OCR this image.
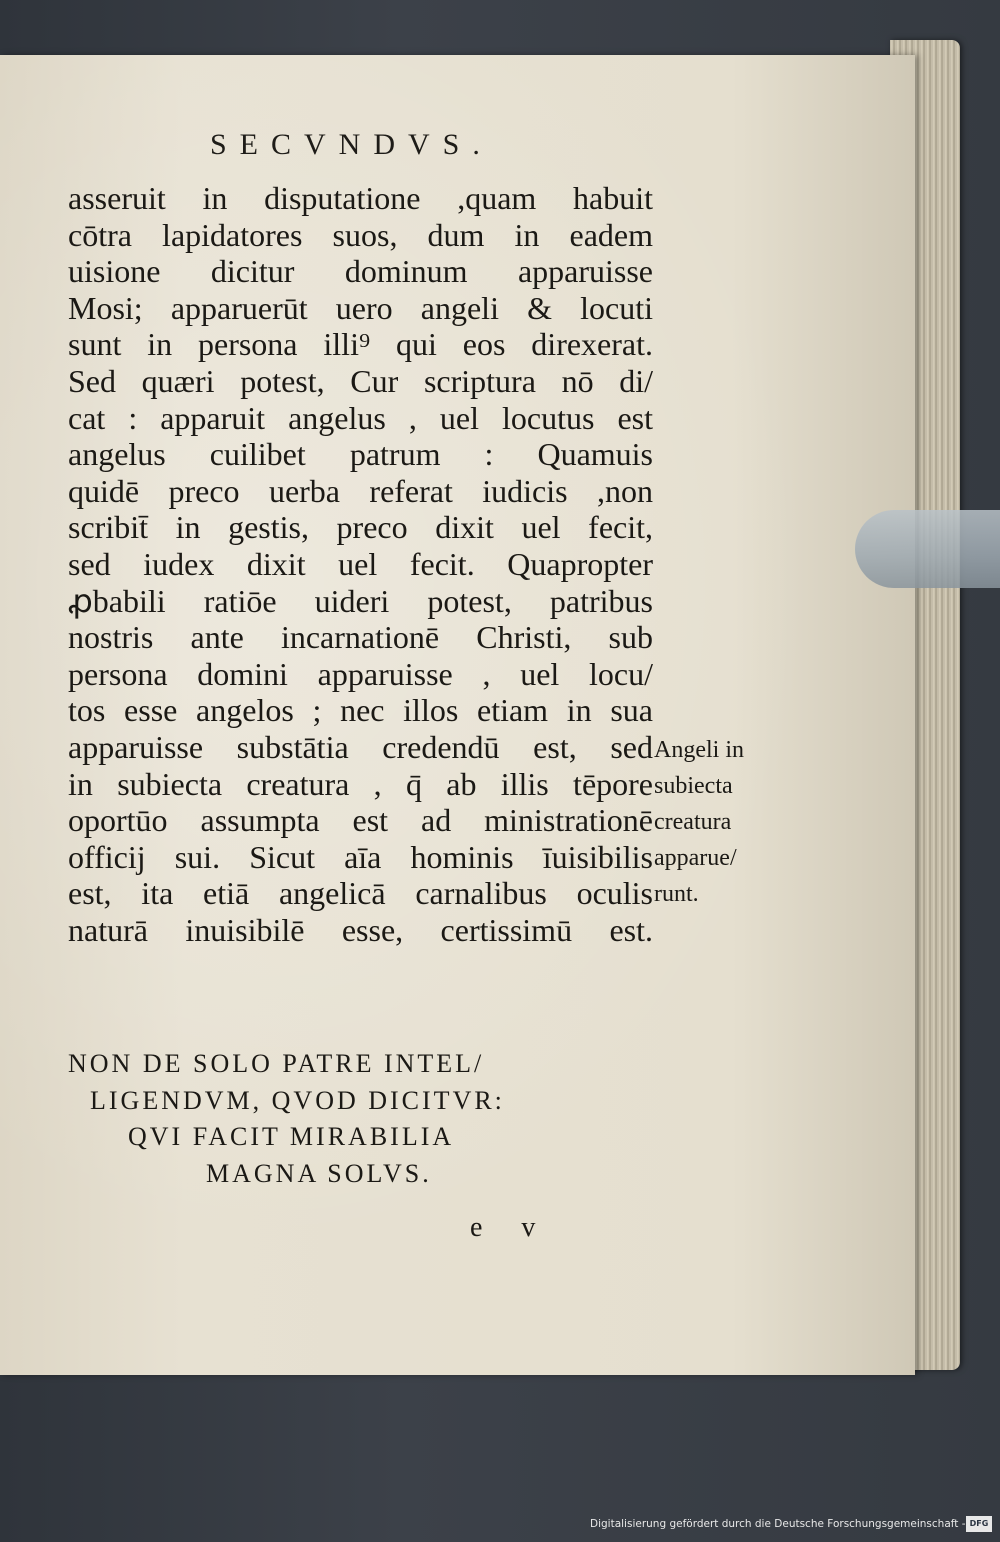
SECVNDVS.
asseruit in disputatione ,quam habuit
cōtra lapidatores suos, dum in eadem
uisione dicitur dominum apparuisse
Mosi; apparuerūt uero angeli & locuti
sunt in persona illi⁹ qui eos direxerat.
Sed quæri potest, Cur scriptura nō di/
cat : apparuit angelus , uel locutus est
angelus cuilibet patrum : Quamuis
quidē preco uerba referat iudicis ,non
scribit̄ in gestis, preco dixit uel fecit,
sed iudex dixit uel fecit. Quapropter
ꝓbabili ratiōe uideri potest, patribus
nostris ante incarnationē Christi, sub
persona domini apparuisse , uel locu/
tos esse angelos ; nec illos etiam in sua
apparuisse substātia credendū est, sed
in subiecta creatura , q̄ ab illis tēpore
oportūo assumpta est ad ministrationē
officij sui. Sicut aīa hominis īuisibilis
est, ita etiā angelicā carnalibus oculis
naturā inuisibilē esse, certissimū est.
NON DE SOLO PATRE INTEL/
LIGENDVM, QVOD DICITVR:
QVI FACIT MIRABILIA
MAGNA SOLVS.
e v
Angeli in
subiecta
creatura
apparue/
runt.
Digitalisierung gefördert durch die Deutsche Forschungsgemeinschaft - DFG
